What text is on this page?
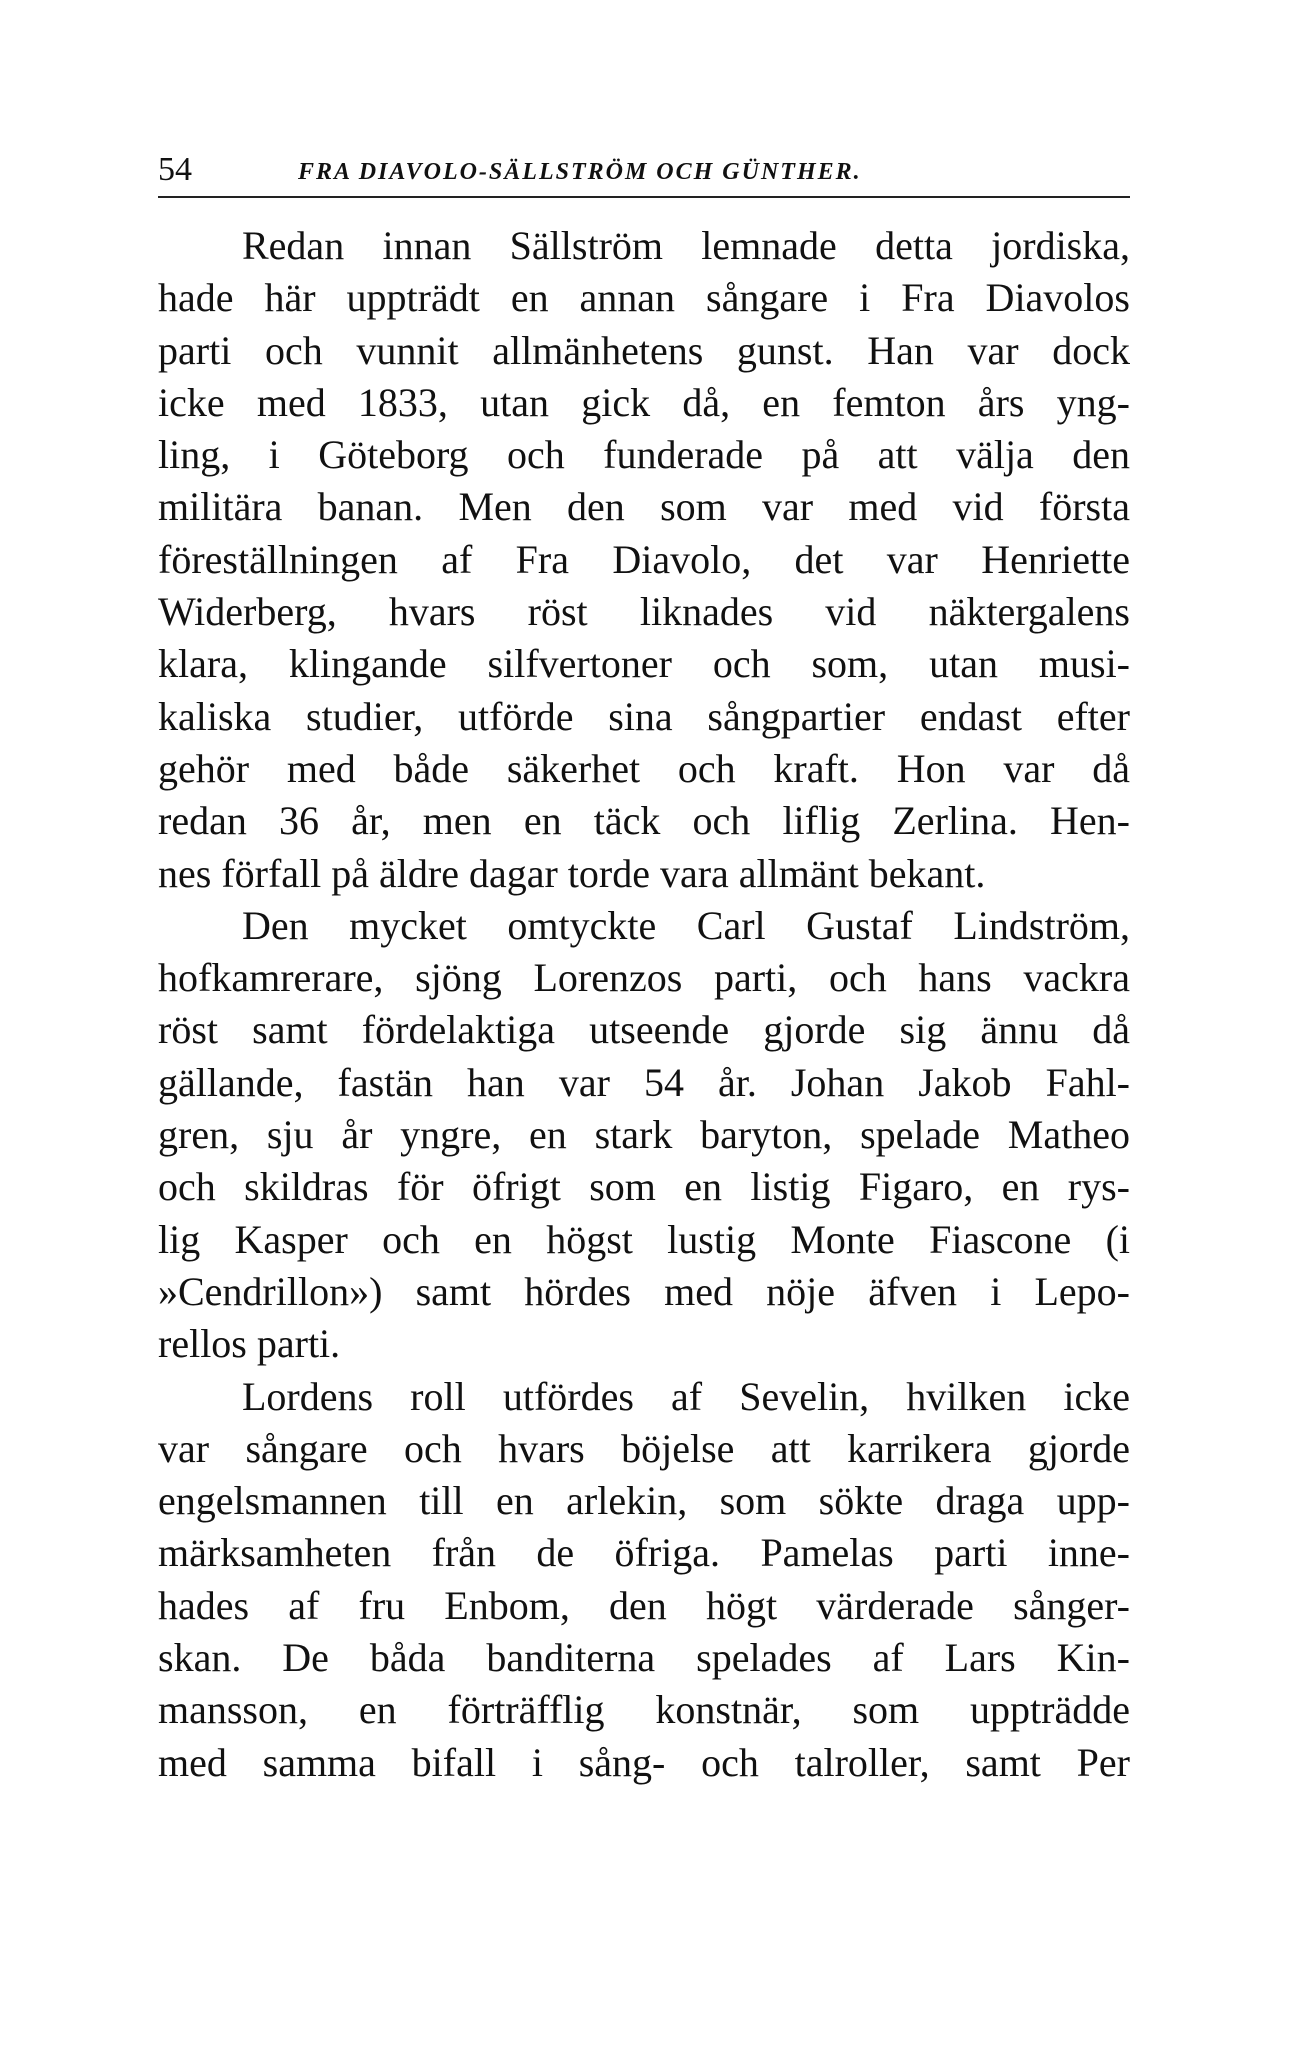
54	FRA DIAVOLO-SÄLLSTRÖM OCH GÜNTHER.
Redan innan Sällström lemnade detta jordiska,
hade här uppträdt en annan sångare i Fra Diavolos
parti och vunnit allmänhetens gunst. Han var dock
icke med 1833, utan gick då, en femton års yng-
ling, i Göteborg och funderade på att välja den
militära banan. Men den som var med vid första
föreställningen af Fra Diavolo, det var Henriette
Widerberg, hvars röst liknades vid näktergalens
klara, klingande silfvertoner och som, utan musi-
kaliska studier, utförde sina sångpartier endast efter
gehör med både säkerhet och kraft. Hon var då
redan 36 år, men en täck och liflig Zerlina. Hen-
nes förfall på äldre dagar torde vara allmänt bekant.
Den mycket omtyckte Carl Gustaf Lindström,
hofkamrerare, sjöng Lorenzos parti, och hans vackra
röst samt fördelaktiga utseende gjorde sig ännu då
gällande, fastän han var 54 år. Johan Jakob Fahl-
gren, sju år yngre, en stark baryton, spelade Matheo
och skildras för öfrigt som en listig Figaro, en rys-
lig Kasper och en högst lustig Monte Fiascone (i
»Cendrillon») samt hördes med nöje äfven i Lepo-
rellos parti.
Lordens roll utfördes af Sevelin, hvilken icke
var sångare och hvars böjelse att karrikera gjorde
engelsmannen till en arlekin, som sökte draga upp-
märksamheten från de öfriga. Pamelas parti inne-
hades af fru Enbom, den högt värderade sånger-
skan. De båda banditerna spelades af Lars Kin-
mansson, en förträfflig konstnär, som uppträdde
med samma bifall i sång- och talroller, samt Per
